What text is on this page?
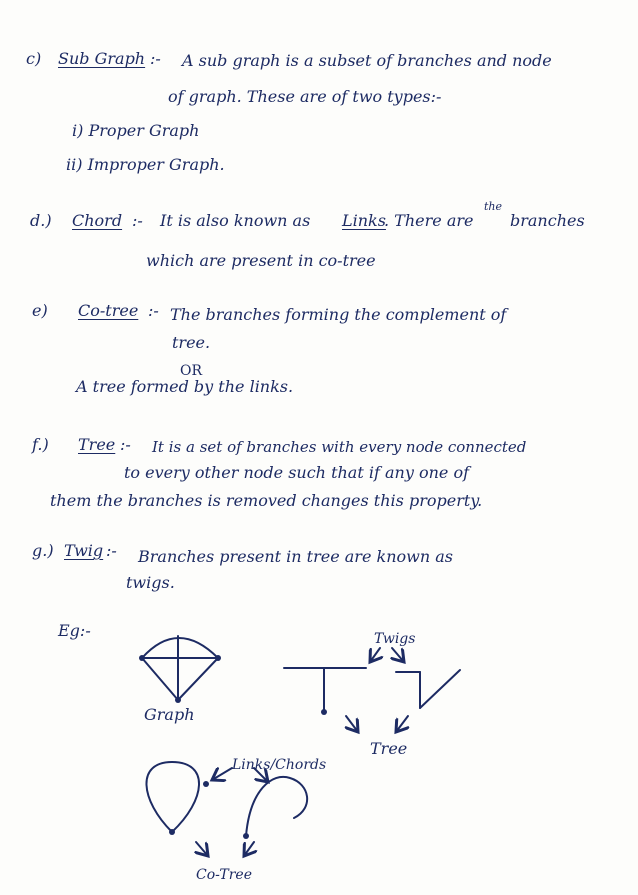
c) Sub Graph :- A sub graph is a subset of branches and node
of graph. These are of two types:-
i) Proper Graph
ii) Improper Graph.
d.) Chord :- It is also known as Links
. There are
the
branches
which are present in co-tree
e) Co-tree :- The branches forming the complement of
tree.
OR
A tree formed by the links.
f.) Tree :- It is a set of branches with every node connected
to every other node such that if any one of
them the branches is removed changes this property.
g.) Twig :- Branches present in tree are known as
twigs.
Eg:-
Graph
Twigs
Tree
Links/Chords
Co-Tree
